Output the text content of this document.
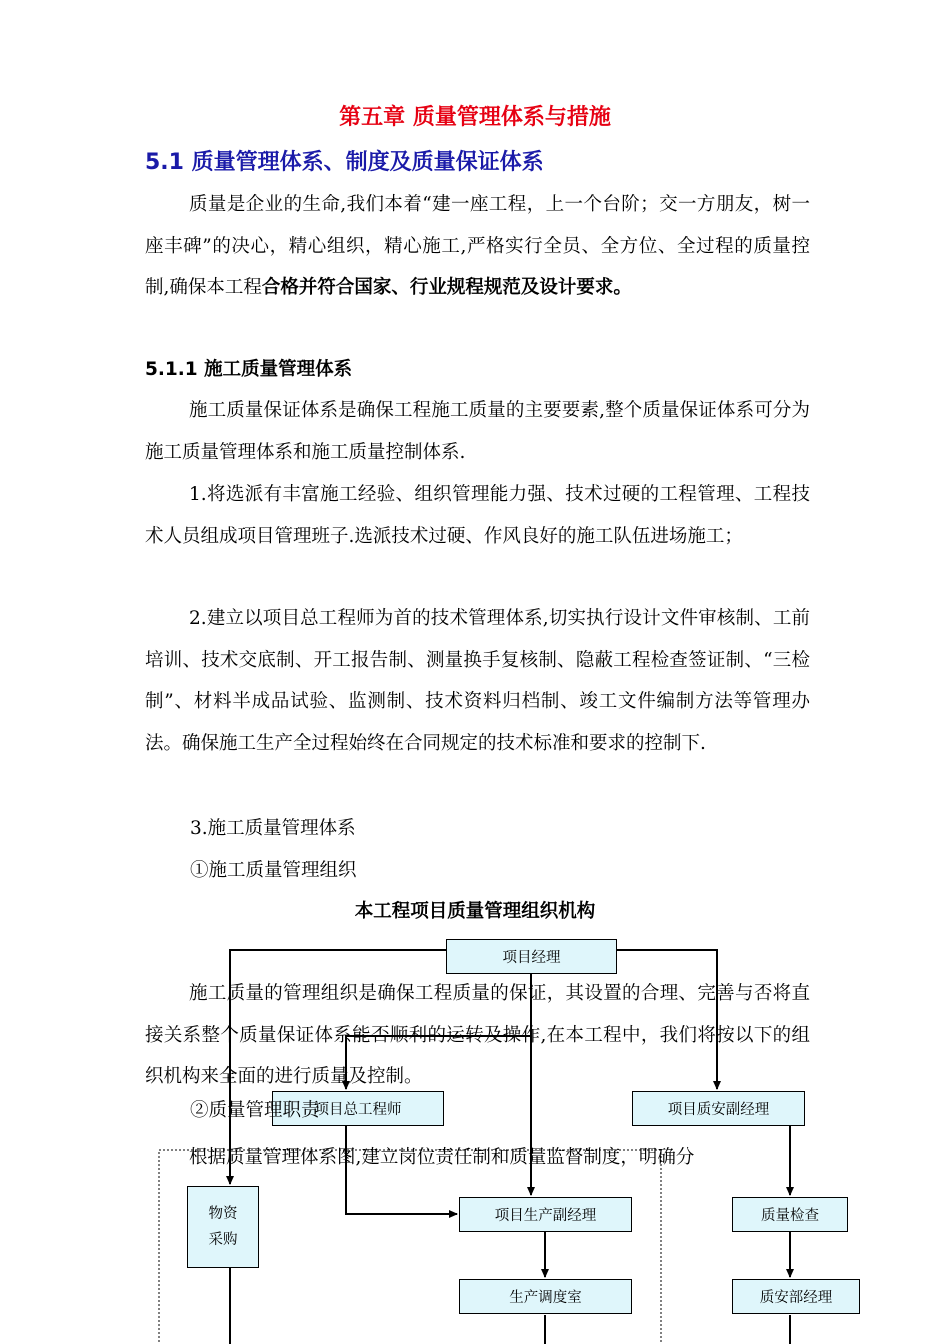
第五章 质量管理体系与措施
5.1 质量管理体系、制度及质量保证体系

质量是企业的生命,我们本着“建一座工程，上一个台阶；交一方朋友，树一座丰碑”的决心，精心组织，精心施工,严格实行全员、全方位、全过程的质量控制,确保本工程合格并符合国家、行业规程规范及设计要求。

5.1.1 施工质量管理体系

施工质量保证体系是确保工程施工质量的主要要素,整个质量保证体系可分为施工质量管理体系和施工质量控制体系.

1.将选派有丰富施工经验、组织管理能力强、技术过硬的工程管理、工程技术人员组成项目管理班子.选派技术过硬、作风良好的施工队伍进场施工；

2.建立以项目总工程师为首的技术管理体系,切实执行设计文件审核制、工前培训、技术交底制、开工报告制、测量换手复核制、隐蔽工程检查签证制、“三检制”、材料半成品试验、监测制、技术资料归档制、竣工文件编制方法等管理办法。确保施工生产全过程始终在合同规定的技术标准和要求的控制下.

3.施工质量管理体系
①施工质量管理组织
本工程项目质量管理组织机构
项目经理
项目总工程师	项目质安副经理
物资
采购
项目生产副经理	质量检查
生产调度室	质安部经理

施工质量的管理组织是确保工程质量的保证，其设置的合理、完善与否将直接关系整个质量保证体系能否顺利的运转及操作,在本工程中，我们将按以下的组织机构来全面的进行质量及控制。

②质量管理职责

根据质量管理体系图,建立岗位责任制和质量监督制度，明确分
